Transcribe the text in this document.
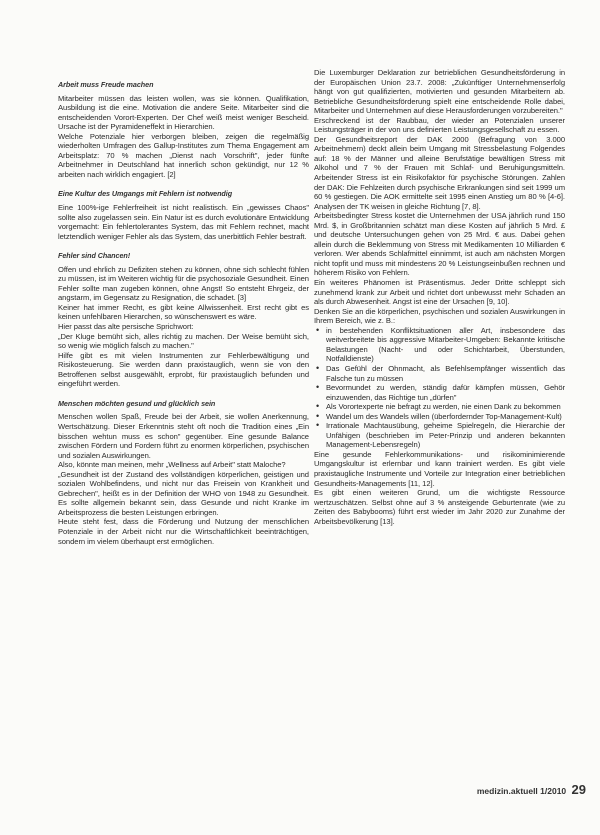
Arbeit muss Freude machen

Mitarbeiter müssen das leisten wollen, was sie können. Qualifikation, Ausbildung ist die eine. Motivation die andere Seite. Mitarbeiter sind die entscheidenden Vorort-Experten. Der Chef weiß meist weniger Bescheid. Ursache ist der Pyramideneffekt in Hierarchien.

Welche Potenziale hier verborgen bleiben, zeigen die regelmäßig wiederholten Umfragen des Gallup-Institutes zum Thema Engagement am Arbeitsplatz: 70 % machen „Dienst nach Vorschrift", jeder fünfte Arbeitnehmer in Deutschland hat innerlich schon gekündigt, nur 12 % arbeiten nach wirklich engagiert. [2]

Eine Kultur des Umgangs mit Fehlern ist notwendig

Eine 100%-ige Fehlerfreiheit ist nicht realistisch. Ein „gewisses Chaos" sollte also zugelassen sein. Ein Natur ist es durch evolutionäre Entwicklung vorgemacht: Ein fehlertolerantes System, das mit Fehlern rechnet, macht letztendlich weniger Fehler als das System, das unerbittlich Fehler bestraft.

Fehler sind Chancen!

Offen und ehrlich zu Defiziten stehen zu können, ohne sich schlecht fühlen zu müssen, ist im Weiteren wichtig für die psychosoziale Gesundheit. Einen Fehler sollte man zugeben können, ohne Angst! So entsteht Ehrgeiz, der angstarm, im Gegensatz zu Resignation, die schadet. [3]

Keiner hat immer Recht, es gibt keine Allwissenheit. Erst recht gibt es keinen unfehlbaren Hierarchen, so wünschenswert es wäre.

Hier passt das alte persische Sprichwort:

„Der Kluge bemüht sich, alles richtig zu machen. Der Weise bemüht sich, so wenig wie möglich falsch zu machen."

Hilfe gibt es mit vielen Instrumenten zur Fehlerbewältigung und Risikosteuerung. Sie werden dann praxistauglich, wenn sie von den Betroffenen selbst ausgewählt, erprobt, für praxistauglich befunden und eingeführt werden.

Menschen möchten gesund und glücklich sein

Menschen wollen Spaß, Freude bei der Arbeit, sie wollen Anerkennung, Wertschätzung. Dieser Erkenntnis steht oft noch die Tradition eines „Ein bisschen wehtun muss es schon" gegenüber. Eine gesunde Balance zwischen Fördern und Fordern führt zu enormen körperlichen, psychischen und sozialen Auswirkungen.

Also, könnte man meinen, mehr „Wellness auf Arbeit" statt Maloche?

„Gesundheit ist der Zustand des vollständigen körperlichen, geistigen und sozialen Wohlbefindens, und nicht nur das Freisein von Krankheit und Gebrechen", heißt es in der Definition der WHO von 1948 zu Gesundheit. Es sollte allgemein bekannt sein, dass Gesunde und nicht Kranke im Arbeitsprozess die besten Leistungen erbringen.

Heute steht fest, dass die Förderung und Nutzung der menschlichen Potenziale in der Arbeit nicht nur die Wirtschaftlichkeit beeinträchtigen, sondern im vielem überhaupt erst ermöglichen.

Die Luxemburger Deklaration zur betrieblichen Gesundheitsförderung in der Europäischen Union 23.7. 2008: „Zukünftiger Unternehmenserfolg hängt von gut qualifizierten, motivierten und gesunden Mitarbeitern ab. Betriebliche Gesundheitsförderung spielt eine entscheidende Rolle dabei, Mitarbeiter und Unternehmen auf diese Herausforderungen vorzubereiten."

Erschreckend ist der Raubbau, der wieder an Potenzialen unserer Leistungsträger in der von uns definierten Leistungsgesellschaft zu essen.

Der Gesundheitsreport der DAK 2000 (Befragung von 3.000 Arbeitnehmern) deckt allein beim Umgang mit Stressbelastung Folgendes auf: 18 % der Männer und alleine Berufstätige bewältigen Stress mit Alkohol und 7 % der Frauen mit Schlaf- und Beruhigungsmitteln. Arbeitender Stress ist ein Risikofaktor für psychische Störungen. Zahlen der DAK: Die Fehlzeiten durch psychische Erkrankungen sind seit 1999 um 60 % gestiegen. Die AOK ermittelte seit 1995 einen Anstieg um 80 % [4-6]. Analysen der TK weisen in gleiche Richtung [7, 8].

Arbeitsbedingter Stress kostet die Unternehmen der USA jährlich rund 150 Mrd. $, in Großbritannien schätzt man diese Kosten auf jährlich 5 Mrd. £ und deutsche Untersuchungen gehen von 25 Mrd. € aus. Dabei gehen allein durch die Beklemmung von Stress mit Medikamenten 10 Milliarden € verloren. Wer abends Schlafmittel einnimmt, ist auch am nächsten Morgen nicht topfit und muss mit mindestens 20 % Leistungseinbußen rechnen und höherem Risiko von Fehlern.

Ein weiteres Phänomen ist Präsentismus. Jeder Dritte schleppt sich zunehmend krank zur Arbeit und richtet dort unbewusst mehr Schaden an als durch Abwesenheit. Angst ist eine der Ursachen [9, 10].

Denken Sie an die körperlichen, psychischen und sozialen Auswirkungen in Ihrem Bereich, wie z. B.:

• in bestehenden Konfliktsituationen aller Art, insbesondere das weitverbreitete bis aggressive Mitarbeiter-Umgeben: Bekannte kritische Belastungen (Nacht- und oder Schichtarbeit, Überstunden, Notfalldienste)
• Das Gefühl der Ohnmacht, als Befehlsempfänger wissentlich das Falsche tun zu müssen
• Bevormundet zu werden, ständig dafür kämpfen müssen, Gehör einzuwenden, das Richtige tun „dürfen"
• Als Vorortexperte nie befragt zu werden, nie einen Dank zu bekommen
• Wandel um des Wandels willen (überfordernder Top-Management-Kult)
• Irrationale Machtausübung, geheime Spielregeln, die Hierarchie der Unfähigen (beschrieben im Peter-Prinzip und anderen bekannten Management-Lebensregeln)

Eine gesunde Fehlerkommunikations- und risikominimierende Umgangskultur ist erlernbar und kann trainiert werden. Es gibt viele praxistaugliche Instrumente und Vorteile zur Integration einer betrieblichen Gesundheits-Managements [11, 12].

Es gibt einen weiteren Grund, um die wichtigste Ressource wertzuschätzen. Selbst ohne auf 3 % ansteigende Geburtenrate (wie zu Zeiten des Babybooms) führt erst wieder im Jahr 2020 zur Zunahme der Arbeitsbevölkerung [13].

medizin.aktuell 1/2010 29
